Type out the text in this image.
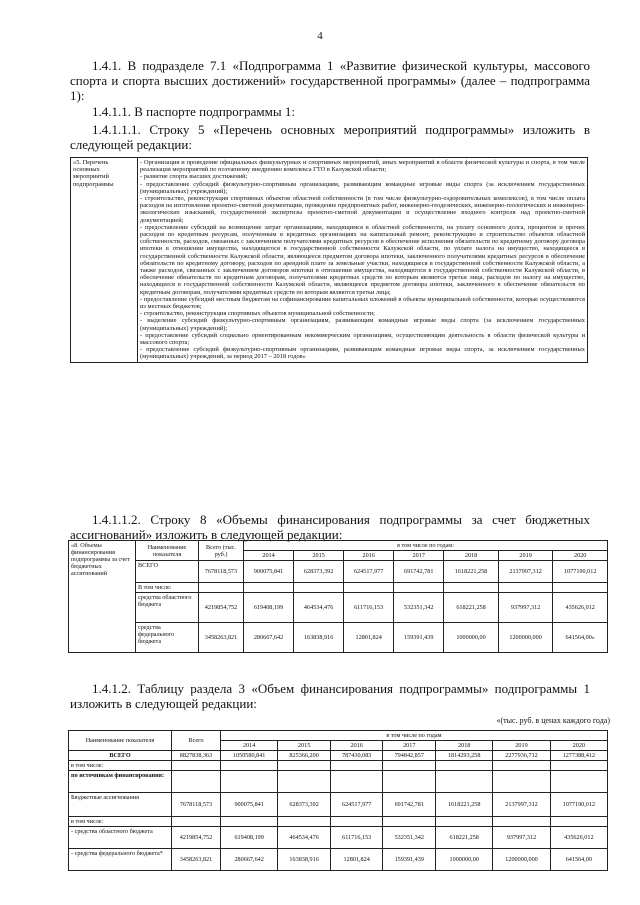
4
1.4.1. В подразделе 7.1 «Подпрограмма 1 «Развитие физической культуры, массового спорта и спорта высших достижений» государственной программы» (далее – подпрограмма 1):
1.4.1.1. В паспорте подпрограммы 1:
1.4.1.1.1. Строку 5 «Перечень основных мероприятий подпрограммы» изложить в следующей редакции:
«5. Перечень основных мероприятий подпрограммы	
- Организация и проведение официальных физкультурных и спортивных мероприятий, иных мероприятий в области физической культуры и спорта, в том числе реализация мероприятий по поэтапному внедрению комплекса ГТО в Калужской области;
- развитие спорта высших достижений;
- предоставление субсидий физкультурно-спортивным организациям, развивающим командные игровые виды спорта (за исключением государственных (муниципальных) учреждений);
- строительство, реконструкция спортивных объектов областной собственности (в том числе физкультурно-оздоровительных комплексов), в том числе оплата расходов на изготовления проектно-сметной документации, проведение предпроектных работ, инженерно-геодезических, инженерно-геологических и инженерно-экологических изысканий, государственной экспертизы проектно-сметной документации и осуществление входного контроля над проектно-сметной документацией;
- предоставление субсидий на возмещение затрат организациям, находящимся в областной собственности, на уплату основного долга, процентов и прочих расходов по кредитным ресурсам, полученным в кредитных организациях на капитальный ремонт, реконструкцию и строительство объектов областной собственности, расходов, связанных с заключением получателями кредитных ресурсов в обеспечение исполнения обязательств по кредитному договору договора ипотеки в отношении имущества, находящегося в государственной собственности Калужской области, по уплате налога на имущество, находящееся в государственной собственности Калужской области, являющееся предметом договора ипотеки, заключенного получателями кредитных ресурсов в обеспечение обязательств по кредитному договору, расходов по арендной плате за земельные участки, находящиеся в государственной собственности Калужской области, а также расходов, связанных с заключением договоров ипотеки в отношении имущества, находящегося в государственной собственности Калужской области, в обеспечение обязательств по кредитным договорам, получателями кредитных средств по которым являются третьи лица, расходов по налогу на имущество, находящееся в государственной собственности Калужской области, являющееся предметом договора ипотеки, заключенного в обеспечение обязательств по кредитным договорам, получателями кредитных средств по которым являются третьи лица;
- предоставление субсидий местным бюджетам на софинансирование капитальных вложений в объекты муниципальной собственности, которые осуществляются из местных бюджетов;
- строительство, реконструкция спортивных объектов муниципальной собственности;
- выделение субсидий физкультурно-спортивным организациям, развивающим командные игровые виды спорта (за исключением государственных (муниципальных) учреждений);
- предоставление субсидий социально ориентированным некоммерческим организациям, осуществляющим деятельность в области физической культуры и массового спорта;
- предоставление субсидий физкультурно-спортивным организациям, развивающим командные игровые виды спорта, за исключением государственных (муниципальных) учреждений, за период 2017 – 2018 годов»
1.4.1.1.2. Строку 8 «Объемы финансирования подпрограммы за счет бюджетных ассигнований» изложить в следующей редакции:
«8. Объемы финансирования подпрограммы за счет бюджетных ассигнований	Наименование показателя	Всего (тыс. руб.)	в том числе по годам:						
			2014	2015	2016	2017	2018	2019	2020
	ВСЕГО	7678118,573	900075,841	628373,392	624517,977	691742,781	1618221,258	2137997,312	1077190,012
	В том числе:								
	средства областного бюджета	4219854,752	619408,199	464534,476	611716,153	532351,342	618221,258	937997,312	435626,012
	средства федерального бюджета	3458263,821	280667,642	163838,916	12801,824	159391,439	1000000,00	1200000,000	641564,00»
1.4.1.2. Таблицу раздела 3 «Объем финансирования подпрограммы» подпрограммы 1 изложить в следующей редакции:
«(тыс. руб. в ценах каждого года)
Наименование показателя	Всего	в том числе по годам						
		2014	2015	2016	2017	2018	2019	2020
ВСЕГО	8827838,363	1050580,841	825366,200	787430,083	794842,857	1814293,258	2277936,712	1277388,412
в том числе:								
по источникам финансирования:								
Бюджетные ассигнования	7678118,573	900075,841	628373,392	624517,977	691742,781	1618221,258	2137997,312	1077190,012
в том числе:								
- средства областного бюджета	4219854,752	619408,199	464534,476	611716,153	532351,342	618221,258	937997,312	435626,012
- средства федерального бюджета*	3458263,821	280667,642	163838,916	12801,824	159391,439	1000000,00	1200000,000	641564,00
